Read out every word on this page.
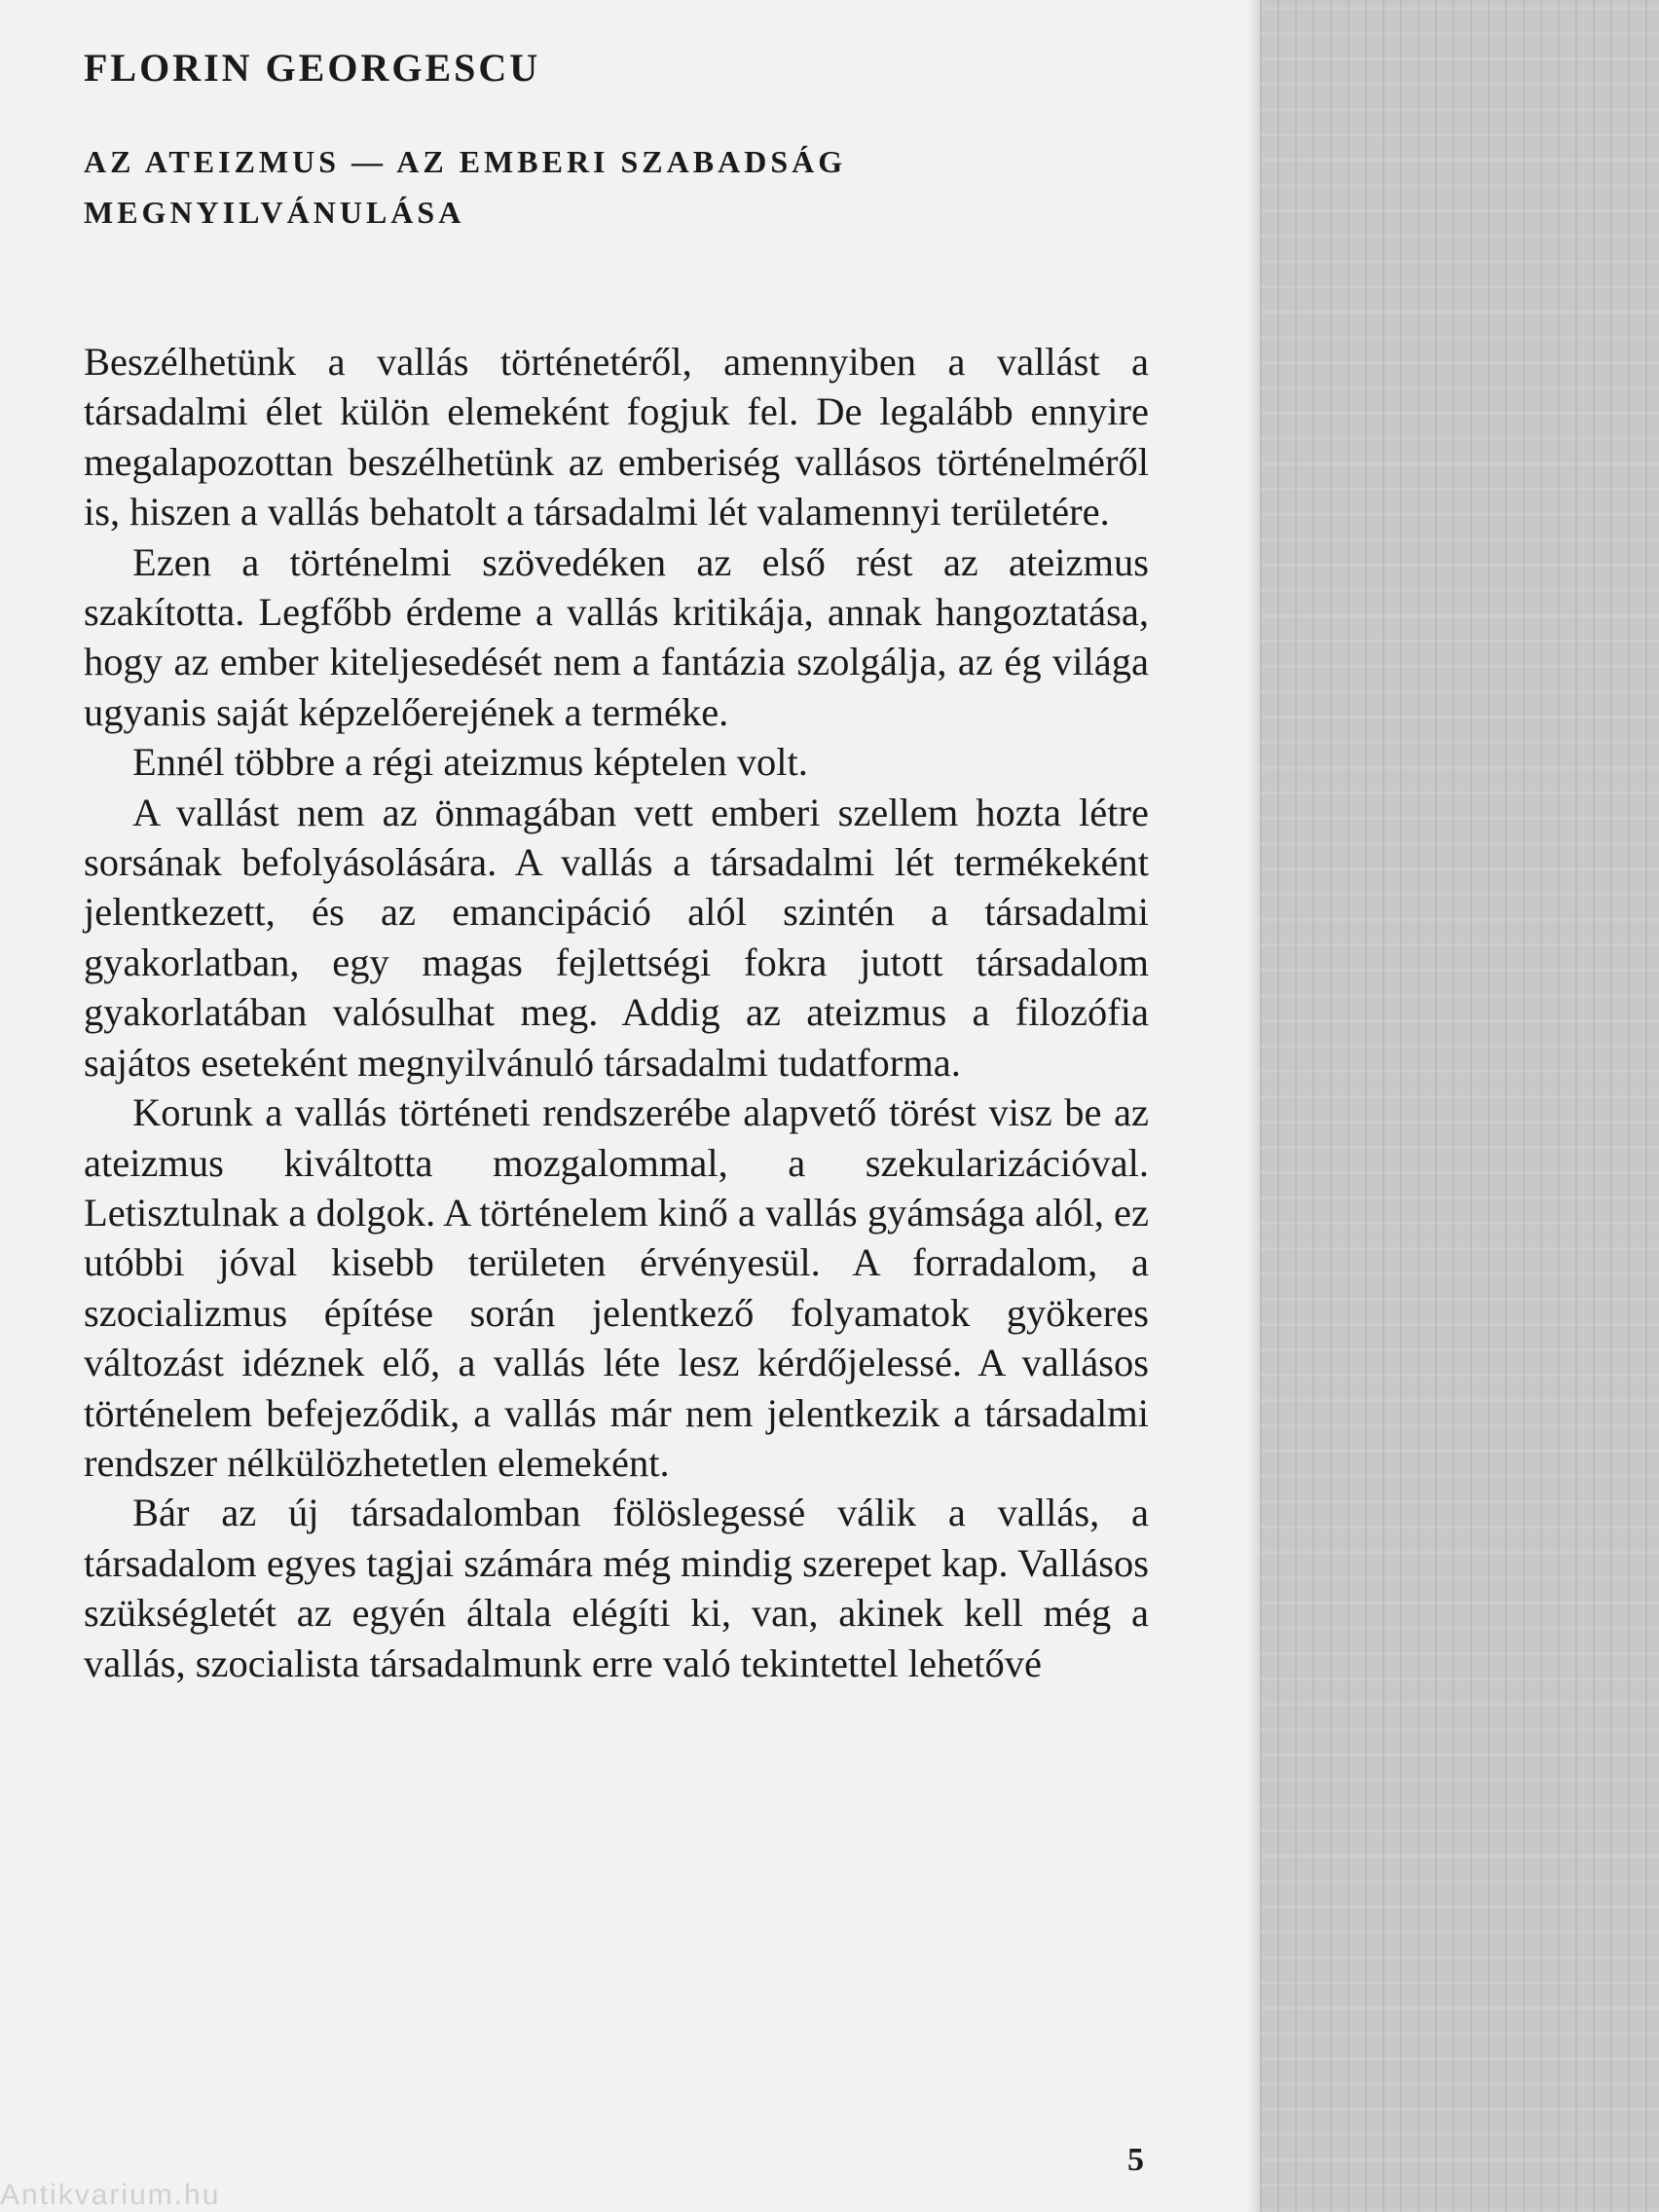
FLORIN GEORGESCU
AZ ATEIZMUS — AZ EMBERI SZABADSÁG MEGNYILVÁNULÁSA

Beszélhetünk a vallás történetéről, amennyiben a vallást a társadalmi élet külön elemeként fogjuk fel. De legalább ennyire megalapozottan beszélhetünk az emberiség vallásos történelméről is, hiszen a vallás behatolt a társadalmi lét valamennyi területére.

Ezen a történelmi szövedéken az első rést az ateizmus szakította. Legfőbb érdeme a vallás kritikája, annak hangoztatása, hogy az ember kiteljesedését nem a fantázia szolgálja, az ég világa ugyanis saját képzelőerejének a terméke.

Ennél többre a régi ateizmus képtelen volt.

A vallást nem az önmagában vett emberi szellem hozta létre sorsának befolyásolására. A vallás a társadalmi lét termékeként jelentkezett, és az emancipáció alól szintén a társadalmi gyakorlatban, egy magas fejlettségi fokra jutott társadalom gyakorlatában valósulhat meg. Addig az ateizmus a filozófia sajátos eseteként megnyilvánuló társadalmi tudatforma.

Korunk a vallás történeti rendszerébe alapvető törést visz be az ateizmus kiváltotta mozgalommal, a szekularizációval. Letisztulnak a dolgok. A történelem kinő a vallás gyámsága alól, ez utóbbi jóval kisebb területen érvényesül. A forradalom, a szocializmus építése során jelentkező folyamatok gyökeres változást idéznek elő, a vallás léte lesz kérdőjelessé. A vallásos történelem befejeződik, a vallás már nem jelentkezik a társadalmi rendszer nélkülözhetetlen elemeként.

Bár az új társadalomban fölöslegessé válik a vallás, a társadalom egyes tagjai számára még mindig szerepet kap. Vallásos szükségletét az egyén általa elégíti ki, van, akinek kell még a vallás, szocialista társadalmunk erre való tekintettel lehetővé

5
Antikvarium.hu
